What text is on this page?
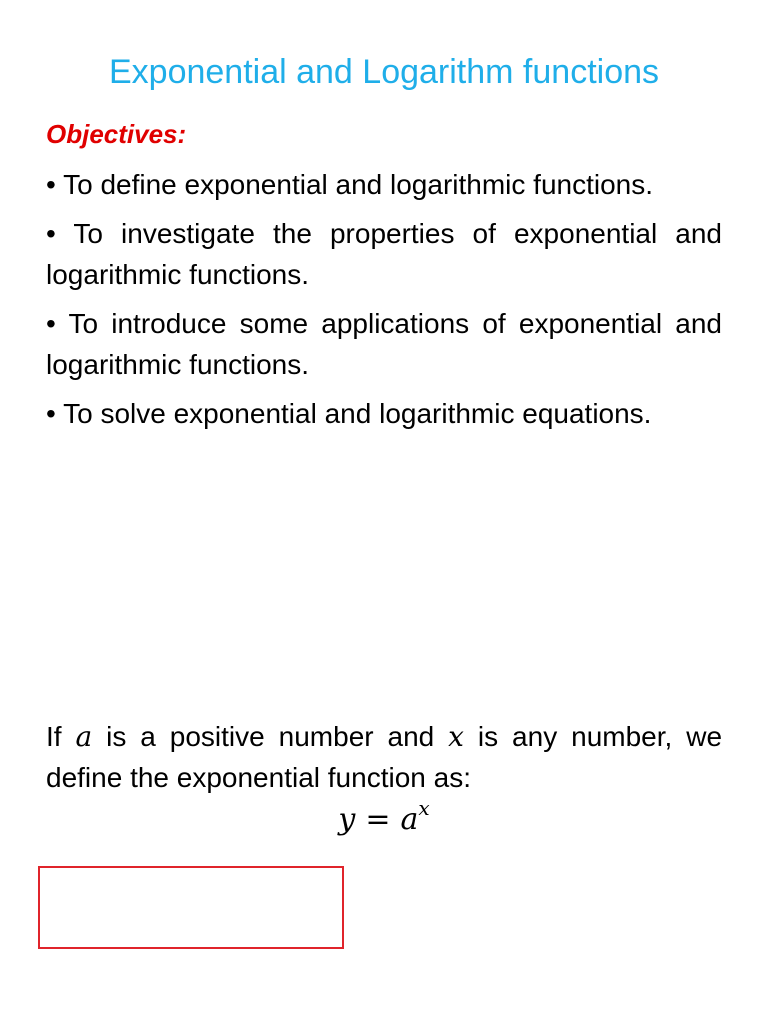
Exponential and Logarithm functions
Objectives:
• To define exponential and logarithmic functions.
• To investigate the properties of exponential and logarithmic functions.
• To introduce some applications of exponential and logarithmic functions.
• To solve exponential and logarithmic equations.

If a is a positive number and x is any number, we define the exponential function as:

$y = a^x$
